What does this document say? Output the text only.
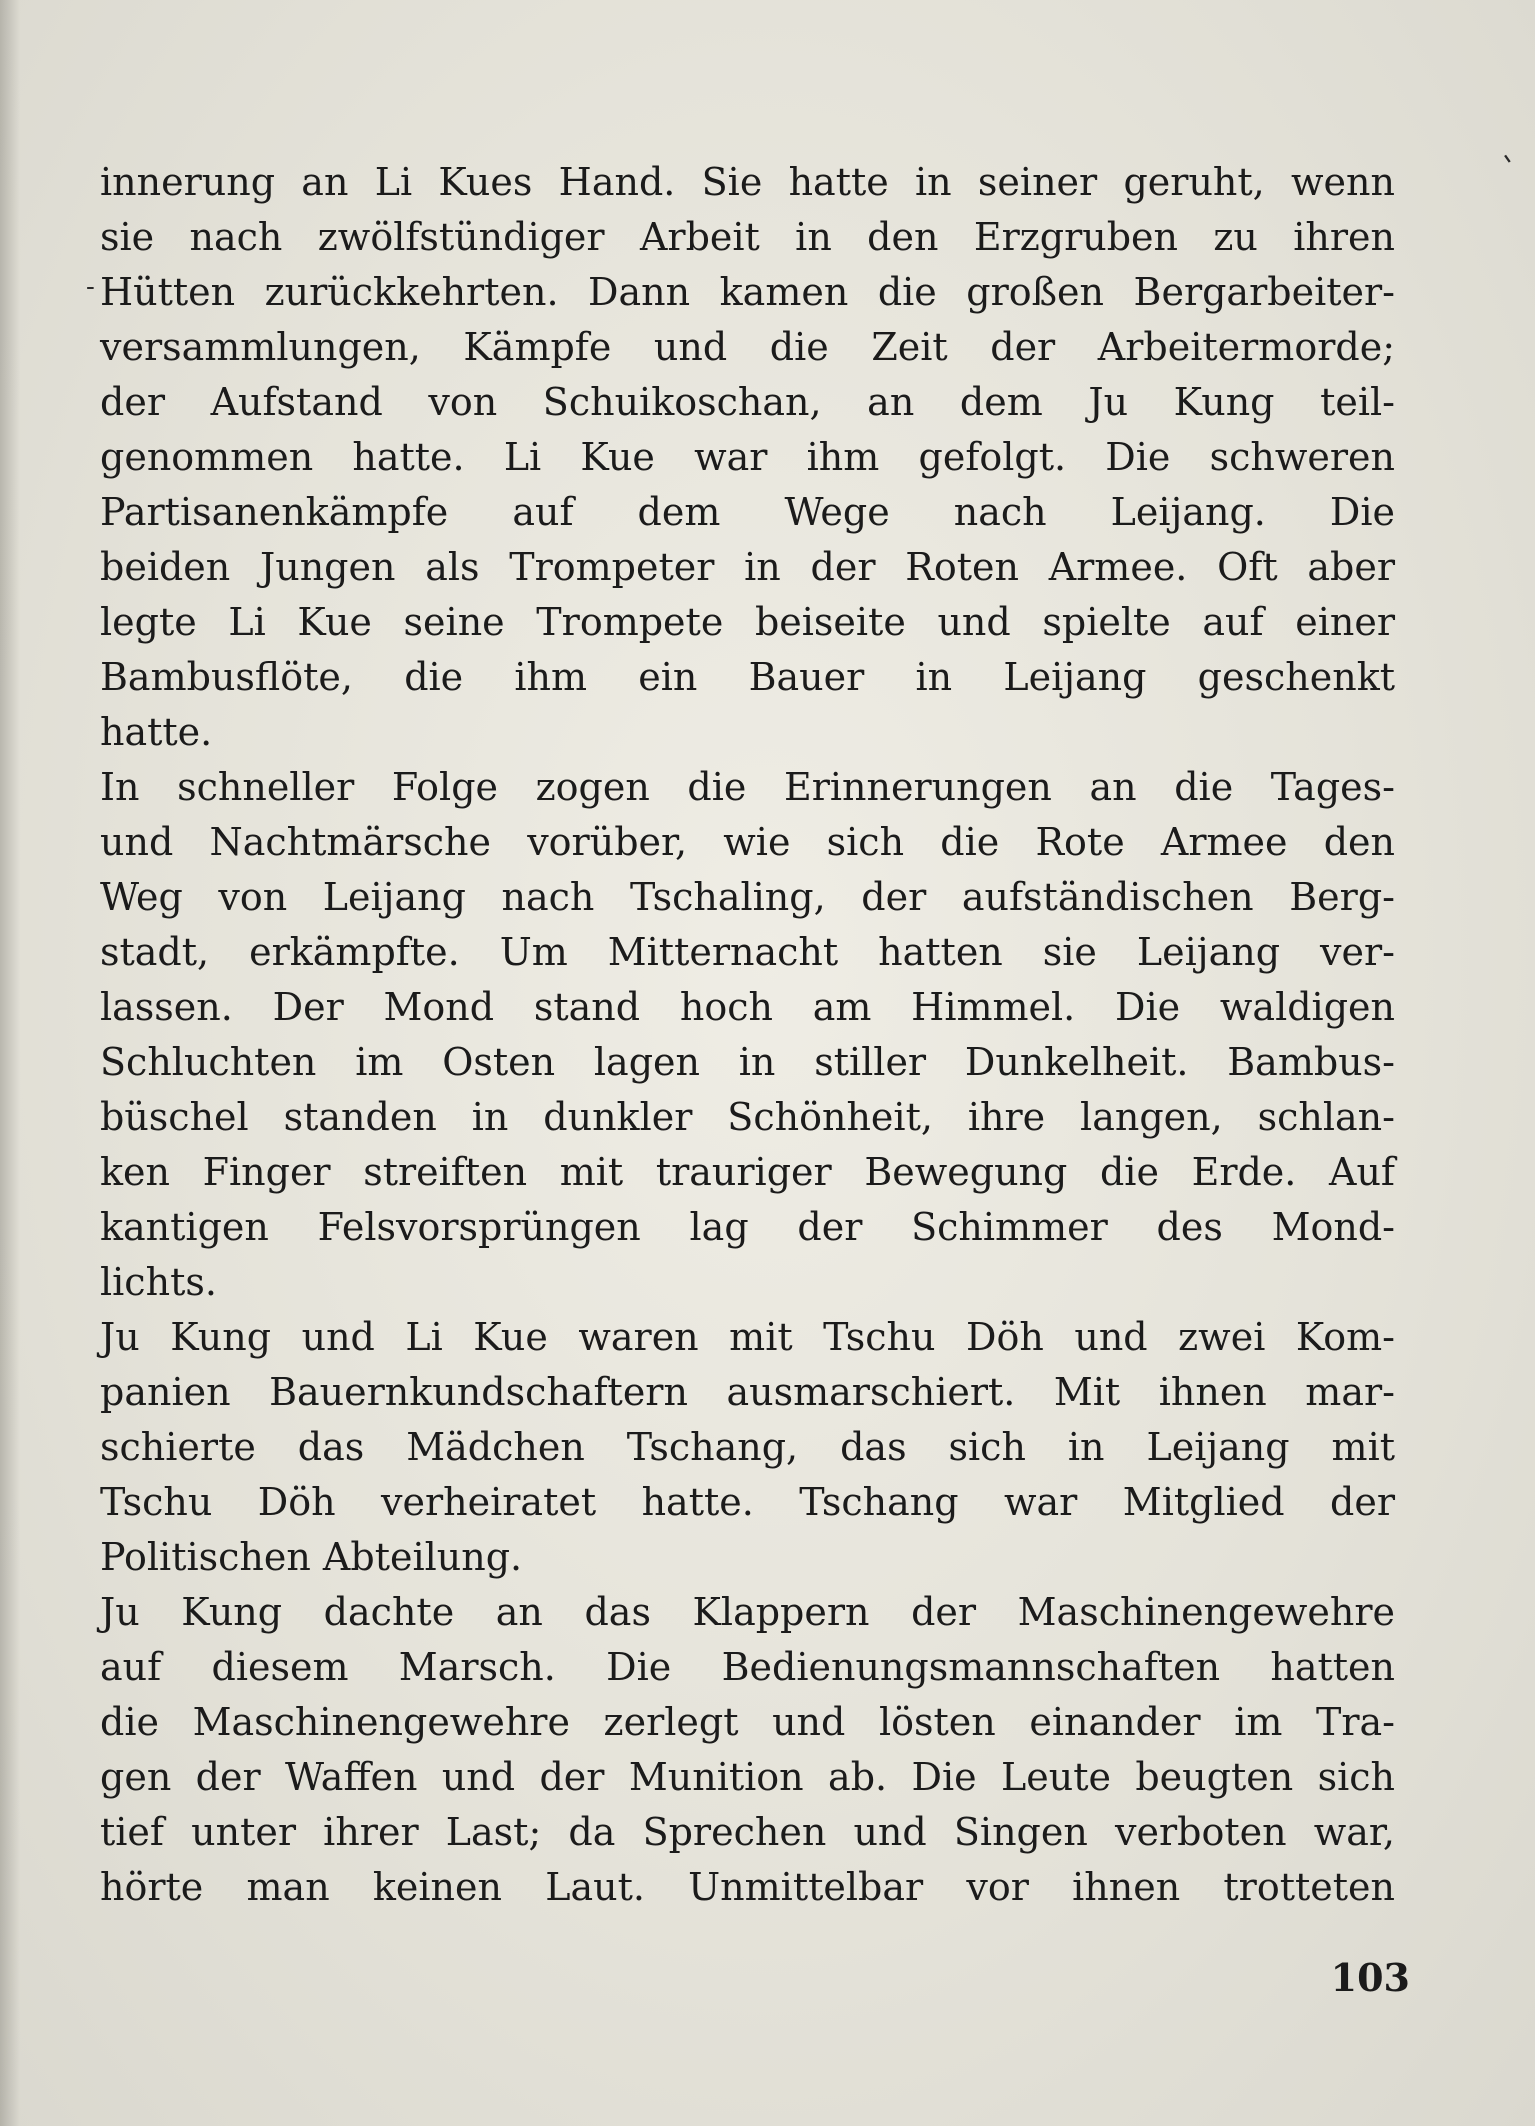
'
-
innerung an Li Kues Hand. Sie hatte in seiner geruht, wenn
sie nach zwölfstündiger Arbeit in den Erzgruben zu ihren
Hütten zurückkehrten. Dann kamen die großen Bergarbeiter-
versammlungen, Kämpfe und die Zeit der Arbeitermorde;
der Aufstand von Schuikoschan, an dem Ju Kung teil-
genommen hatte. Li Kue war ihm gefolgt. Die schweren
Partisanenkämpfe auf dem Wege nach Leijang. Die
beiden Jungen als Trompeter in der Roten Armee. Oft aber
legte Li Kue seine Trompete beiseite und spielte auf einer
Bambusflöte, die ihm ein Bauer in Leijang geschenkt
hatte.
In schneller Folge zogen die Erinnerungen an die Tages-
und Nachtmärsche vorüber, wie sich die Rote Armee den
Weg von Leijang nach Tschaling, der aufständischen Berg-
stadt, erkämpfte. Um Mitternacht hatten sie Leijang ver-
lassen. Der Mond stand hoch am Himmel. Die waldigen
Schluchten im Osten lagen in stiller Dunkelheit. Bambus-
büschel standen in dunkler Schönheit, ihre langen, schlan-
ken Finger streiften mit trauriger Bewegung die Erde. Auf
kantigen Felsvorsprüngen lag der Schimmer des Mond-
lichts.
Ju Kung und Li Kue waren mit Tschu Döh und zwei Kom-
panien Bauernkundschaftern ausmarschiert. Mit ihnen mar-
schierte das Mädchen Tschang, das sich in Leijang mit
Tschu Döh verheiratet hatte. Tschang war Mitglied der
Politischen Abteilung.
Ju Kung dachte an das Klappern der Maschinengewehre
auf diesem Marsch. Die Bedienungsmannschaften hatten
die Maschinengewehre zerlegt und lösten einander im Tra-
gen der Waffen und der Munition ab. Die Leute beugten sich
tief unter ihrer Last; da Sprechen und Singen verboten war,
hörte man keinen Laut. Unmittelbar vor ihnen trotteten
103
